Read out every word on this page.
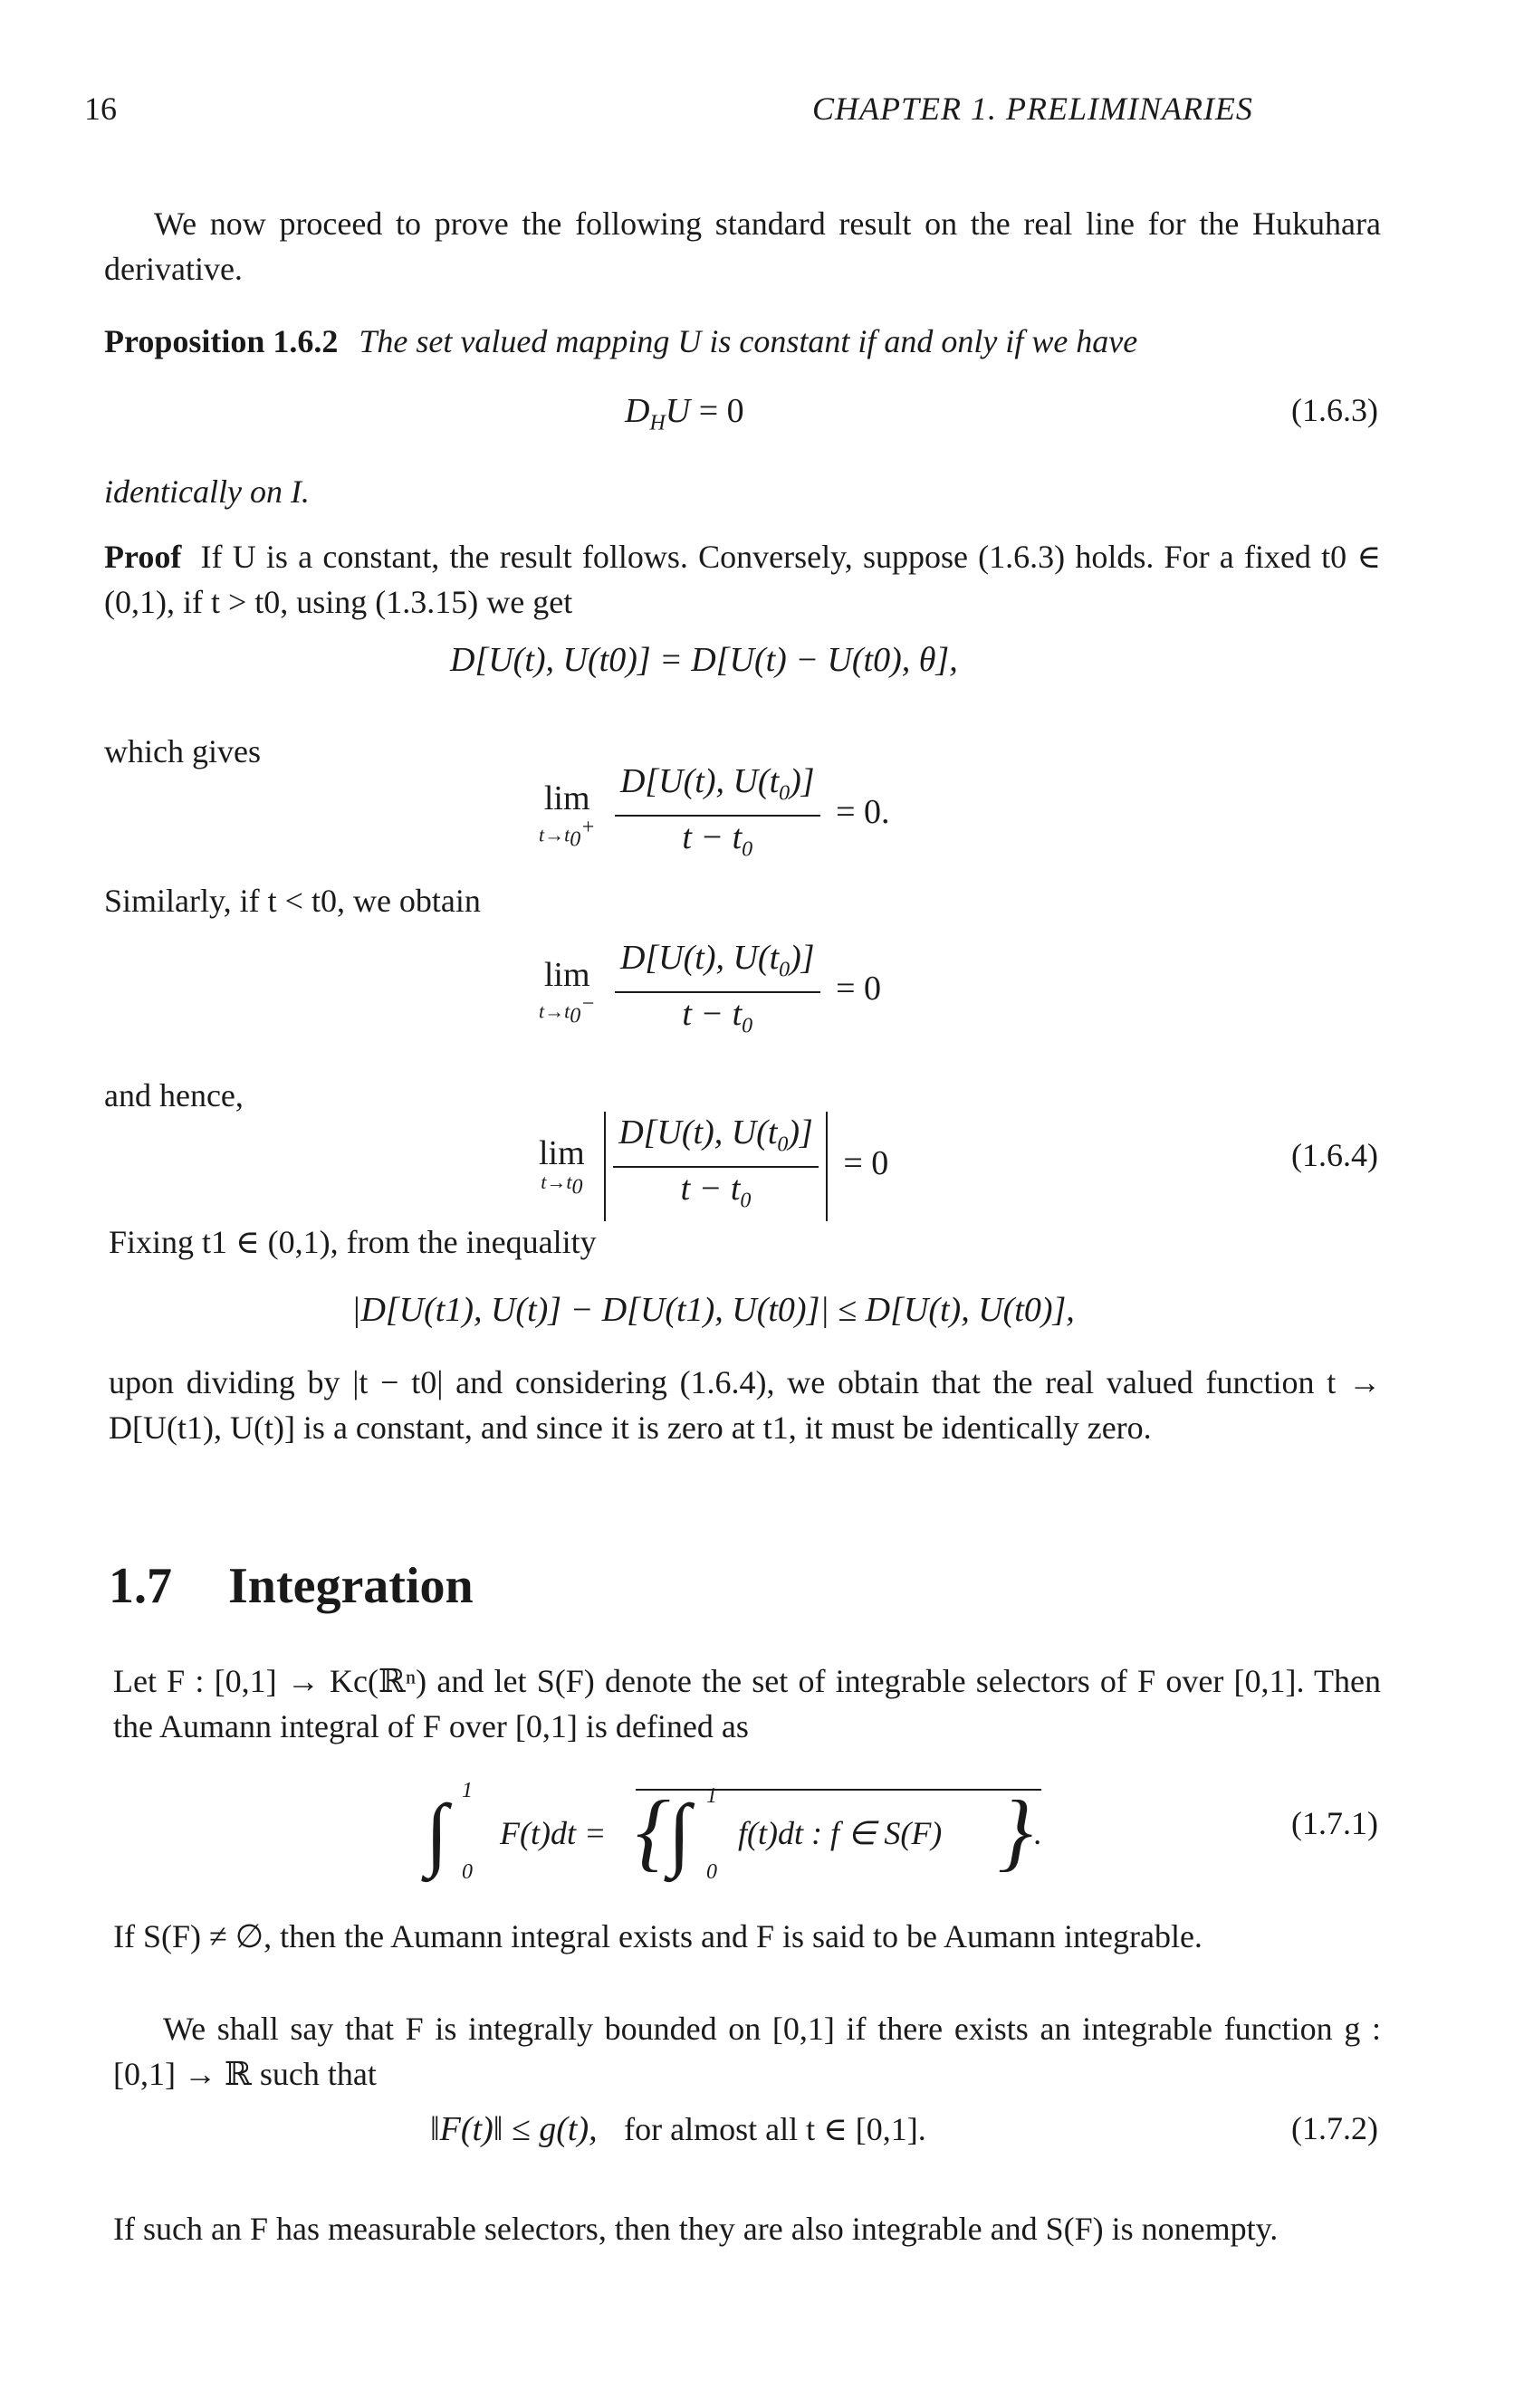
16	CHAPTER 1. PRELIMINARIES
We now proceed to prove the following standard result on the real line for the Hukuhara derivative.
Proposition 1.6.2 The set valued mapping U is constant if and only if we have
$D_HU = 0$	(1.6.3)
identically on I.
Proof If U is a constant, the result follows. Conversely, suppose (1.6.3) holds. For a fixed t0 ∈ (0,1), if t > t0, using (1.3.15) we get
D[U(t), U(t0)] = D[U(t) − U(t0), θ],
which gives
lim
$t\to t_0^+$
$\frac{D[U(t), U(t_0)]}{t - t_0} = 0$.
Similarly, if t < t0, we obtain
lim
$t\to t_0^-$
$\frac{D[U(t), U(t_0)]}{t - t_0} = 0$
and hence,
lim
$t\to t_0$
$\frac{D[U(t), U(t_0)]}{t - t_0} = 0$	(1.6.4)
Fixing t1 ∈ (0,1), from the inequality
|D[U(t1), U(t)] − D[U(t1), U(t0)]| ≤ D[U(t), U(t0)],
upon dividing by |t − t0| and considering (1.6.4), we obtain that the real valued function t → D[U(t1), U(t)] is a constant, and since it is zero at t1, it must be identically zero.
1.7 Integration
Let F : [0,1] → Kc(ℝⁿ) and let S(F) denote the set of integrable selectors of F over [0,1]. Then the Aumann integral of F over [0,1] is defined as
∫ 1
0
F(t)dt = {
∫ 1
0
f(t)dt : f ∈ S(F) } .	(1.7.1)
If S(F) ≠ ∅, then the Aumann integral exists and F is said to be Aumann integrable.
We shall say that F is integrally bounded on [0,1] if there exists an integrable function g : [0,1] → ℝ such that
‖F(t)‖ ≤ g(t), for almost all t ∈ [0,1].	(1.7.2)
If such an F has measurable selectors, then they are also integrable and S(F) is nonempty.
